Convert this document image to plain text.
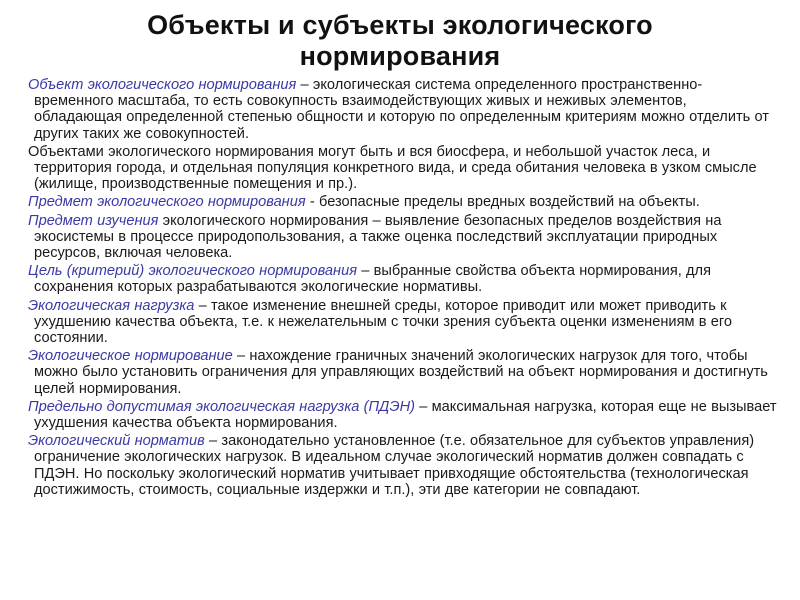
Объекты и субъекты экологического нормирования

Объект экологического нормирования – экологическая система определенного пространственно-временного масштаба, то есть совокупность взаимодействующих живых и неживых элементов, обладающая определенной степенью общности и которую по определенным критериям можно отделить от других таких же совокупностей.

Объектами экологического нормирования могут быть и вся биосфера, и небольшой участок леса, и территория города, и отдельная популяция конкретного вида, и среда обитания человека в узком смысле (жилище, производственные помещения и пр.).

Предмет экологического нормирования - безопасные пределы вредных воздействий на объекты.

Предмет изучения экологического нормирования – выявление безопасных пределов воздействия на экосистемы в процессе природопользования, а также оценка последствий эксплуатации природных ресурсов, включая человека.

Цель (критерий) экологического нормирования – выбранные свойства объекта нормирования, для сохранения которых разрабатываются экологические нормативы.

Экологическая нагрузка – такое изменение внешней среды, которое приводит или может приводить к ухудшению качества объекта, т.е. к нежелательным с точки зрения субъекта оценки изменениям в его состоянии.

Экологическое нормирование – нахождение граничных значений экологических нагрузок для того, чтобы можно было установить ограничения для управляющих воздействий на объект нормирования и достигнуть целей нормирования.

Предельно допустимая экологическая нагрузка (ПДЭН) – максимальная нагрузка, которая еще не вызывает ухудшения качества объекта нормирования.

Экологический норматив – законодательно установленное (т.е. обязательное для субъектов управления) ограничение экологических нагрузок. В идеальном случае экологический норматив должен совпадать с ПДЭН. Но поскольку экологический норматив учитывает привходящие обстоятельства (технологическая достижимость, стоимость, социальные издержки и т.п.), эти две категории не совпадают.
